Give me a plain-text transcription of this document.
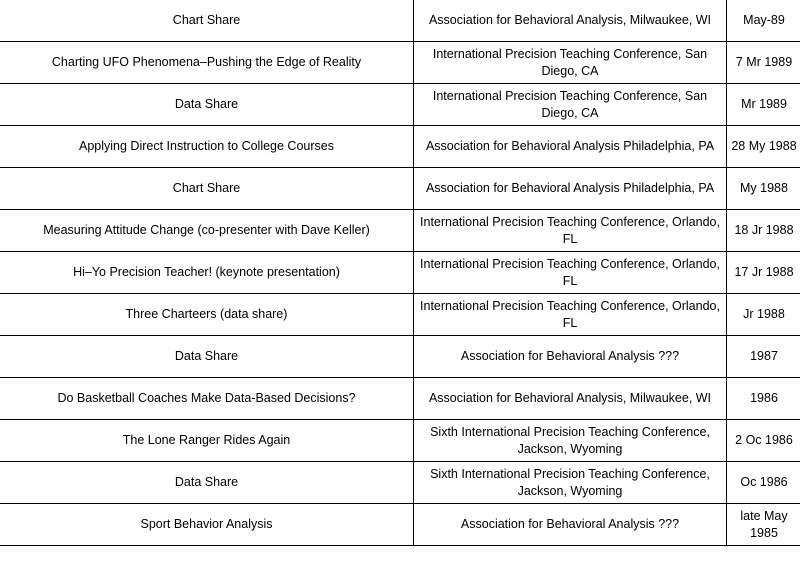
Chart Share	Association for Behavioral Analysis, Milwaukee, WI	May-89
Charting UFO Phenomena–Pushing the Edge of Reality	International Precision Teaching Conference, San Diego, CA	7 Mr 1989
Data Share	International Precision Teaching Conference, San Diego, CA	Mr 1989
Applying Direct Instruction to College Courses	Association for Behavioral Analysis Philadelphia, PA	28 My 1988
Chart Share	Association for Behavioral Analysis Philadelphia, PA	My 1988
Measuring Attitude Change (co-presenter with Dave Keller)	International Precision Teaching Conference, Orlando, FL	18 Jr 1988
Hi–Yo Precision Teacher! (keynote presentation)	International Precision Teaching Conference, Orlando, FL	17 Jr 1988
Three Charteers (data share)	International Precision Teaching Conference, Orlando, FL	Jr 1988
Data Share	Association for Behavioral Analysis ???	1987
Do Basketball Coaches Make Data-Based Decisions?	Association for Behavioral Analysis, Milwaukee, WI	1986
The Lone Ranger Rides Again	Sixth International Precision Teaching Conference, Jackson, Wyoming	2 Oc 1986
Data Share	Sixth International Precision Teaching Conference, Jackson, Wyoming	Oc 1986
Sport Behavior Analysis	Association for Behavioral Analysis ???	late May 1985
